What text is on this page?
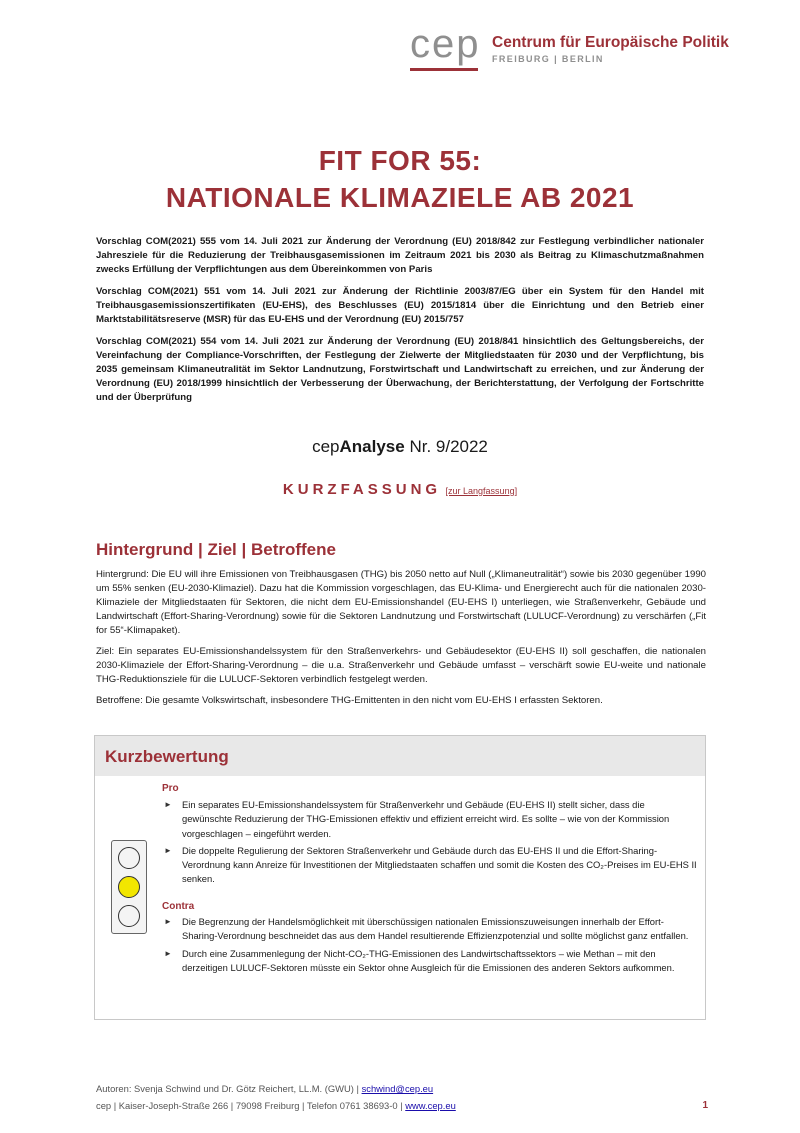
cep Centrum für Europäische Politik
FREIBURG | BERLIN
FIT FOR 55:
NATIONALE KLIMAZIELE AB 2021

Vorschlag COM(2021) 555 vom 14. Juli 2021 zur Änderung der Verordnung (EU) 2018/842 zur Festlegung verbindlicher nationaler Jahresziele für die Reduzierung der Treibhausgasemissionen im Zeitraum 2021 bis 2030 als Beitrag zu Klimaschutzmaßnahmen zwecks Erfüllung der Verpflichtungen aus dem Übereinkommen von Paris

Vorschlag COM(2021) 551 vom 14. Juli 2021 zur Änderung der Richtlinie 2003/87/EG über ein System für den Handel mit Treibhausgasemissionszertifikaten (EU-EHS), des Beschlusses (EU) 2015/1814 über die Einrichtung und den Betrieb einer Marktstabilitätsreserve (MSR) für das EU-EHS und der Verordnung (EU) 2015/757

Vorschlag COM(2021) 554 vom 14. Juli 2021 zur Änderung der Verordnung (EU) 2018/841 hinsichtlich des Geltungsbereichs, der Vereinfachung der Compliance-Vorschriften, der Festlegung der Zielwerte der Mitgliedstaaten für 2030 und der Verpflichtung, bis 2035 gemeinsam Klimaneutralität im Sektor Landnutzung, Forstwirtschaft und Landwirtschaft zu erreichen, und zur Änderung der Verordnung (EU) 2018/1999 hinsichtlich der Verbesserung der Überwachung, der Berichterstattung, der Verfolgung der Fortschritte und der Überprüfung

cepAnalyse Nr. 9/2022
KURZFASSUNG [zur Langfassung]
Hintergrund | Ziel | Betroffene

Hintergrund: Die EU will ihre Emissionen von Treibhausgasen (THG) bis 2050 netto auf Null („Klimaneutralität“) sowie bis 2030 gegenüber 1990 um 55% senken (EU-2030-Klimaziel). Dazu hat die Kommission vorgeschlagen, das EU-Klima- und Energierecht auch für die nationalen 2030-Klimaziele der Mitgliedstaaten für Sektoren, die nicht dem EU-Emissionshandel (EU-EHS I) unterliegen, wie Straßenverkehr, Gebäude und Landwirtschaft (Effort-Sharing-Verordnung) sowie für die Sektoren Landnutzung und Forstwirtschaft (LULUCF-Verordnung) zu verschärfen („Fit for 55“-Klimapaket).

Ziel: Ein separates EU-Emissionshandelssystem für den Straßenverkehrs- und Gebäudesektor (EU-EHS II) soll geschaffen, die nationalen 2030-Klimaziele der Effort-Sharing-Verordnung – die u.a. Straßenverkehr und Gebäude umfasst – verschärft sowie EU-weite und nationale THG-Reduktionsziele für die LULUCF-Sektoren verbindlich festgelegt werden.

Betroffene: Die gesamte Volkswirtschaft, insbesondere THG-Emittenten in den nicht vom EU-EHS I erfassten Sektoren.

Kurzbewertung
Pro
► Ein separates EU-Emissionshandelssystem für Straßenverkehr und Gebäude (EU-EHS II) stellt sicher, dass die gewünschte Reduzierung der THG-Emissionen effektiv und effizient erreicht wird. Es sollte – wie von der Kommission vorgeschlagen – eingeführt werden.
► Die doppelte Regulierung der Sektoren Straßenverkehr und Gebäude durch das EU-EHS II und die Effort-Sharing-Verordnung kann Anreize für Investitionen der Mitgliedstaaten schaffen und somit die Kosten des CO₂-Preises im EU-EHS II senken.
Contra
► Die Begrenzung der Handelsmöglichkeit mit überschüssigen nationalen Emissionszuweisungen innerhalb der Effort-Sharing-Verordnung beschneidet das aus dem Handel resultierende Effizienzpotenzial und sollte möglichst ganz entfallen.
► Durch eine Zusammenlegung der Nicht-CO₂-THG-Emissionen des Landwirtschaftssektors – wie Methan – mit den derzeitigen LULUCF-Sektoren müsste ein Sektor ohne Ausgleich für die Emissionen des anderen Sektors aufkommen.
Autoren: Svenja Schwind und Dr. Götz Reichert, LL.M. (GWU) | schwind@cep.eu
cep | Kaiser-Joseph-Straße 266 | 79098 Freiburg | Telefon 0761 38693-0 | www.cep.eu	1
